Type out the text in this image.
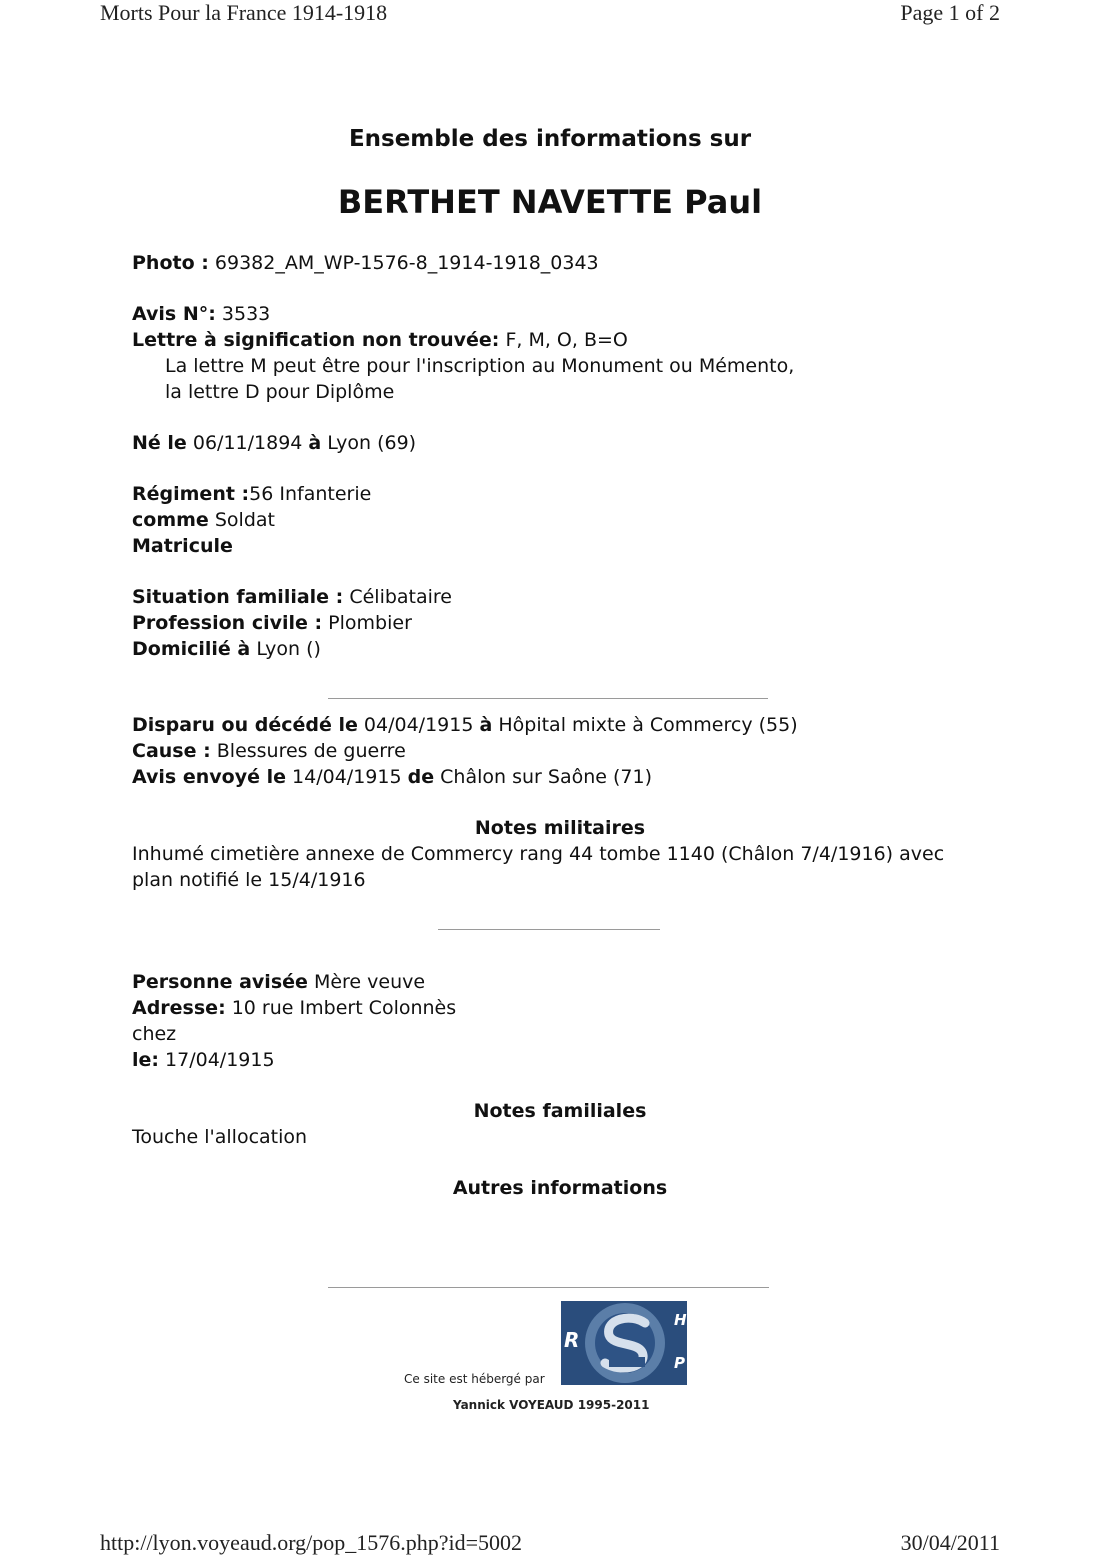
Morts Pour la France 1914-1918	Page 1 of 2
http://lyon.voyeaud.org/pop_1576.php?id=5002	30/04/2011
Ensemble des informations sur
BERTHET NAVETTE Paul
Photo : 69382_AM_WP-1576-8_1914-1918_0343
Avis N°: 3533
Lettre à signification non trouvée: F, M, O, B=O
La lettre M peut être pour l'inscription au Monument ou Mémento,
la lettre D pour Diplôme
Né le 06/11/1894 à Lyon (69)
Régiment :56 Infanterie
comme Soldat
Matricule
Situation familiale : Célibataire
Profession civile : Plombier
Domicilié à Lyon ()
Disparu ou décédé le 04/04/1915 à Hôpital mixte à Commercy (55)
Cause : Blessures de guerre
Avis envoyé le 14/04/1915 de Châlon sur Saône (71)
Notes militaires
Inhumé cimetière annexe de Commercy rang 44 tombe 1140 (Châlon 7/4/1916) avec
plan notifié le 15/4/1916
Personne avisée Mère veuve
Adresse: 10 rue Imbert Colonnès
chez
le: 17/04/1915
Notes familiales
Touche l'allocation
Autres informations
Ce site est hébergé par
R
H
P
Yannick VOYEAUD 1995-2011
